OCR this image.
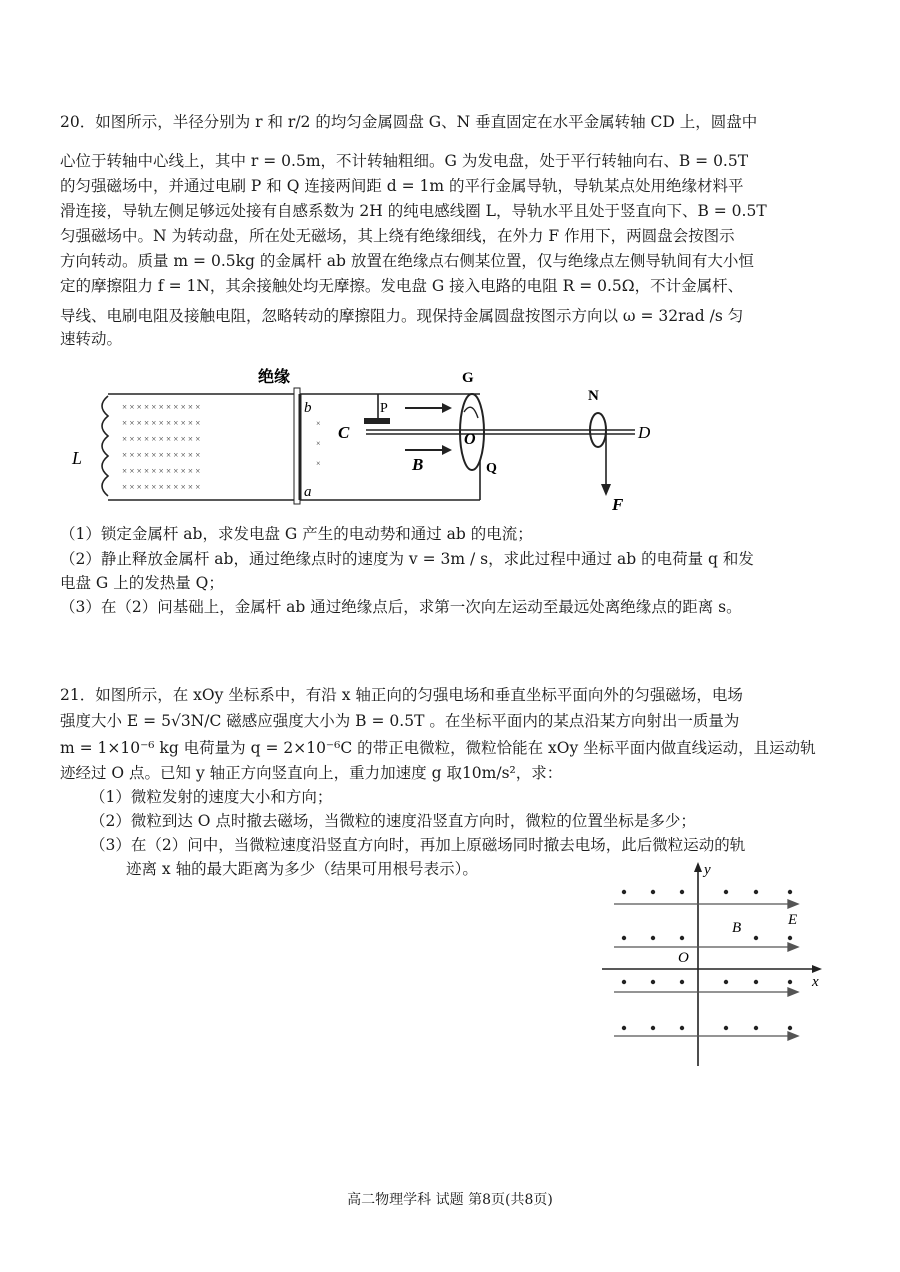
20．如图所示，半径分别为 r 和 r/2 的均匀金属圆盘 G、N 垂直固定在水平金属转轴 CD 上，圆盘中
心位于转轴中心线上，其中 r = 0.5m，不计转轴粗细。G 为发电盘，处于平行转轴向右、B = 0.5T
的匀强磁场中，并通过电刷 P 和 Q 连接两间距 d = 1m 的平行金属导轨，导轨某点处用绝缘材料平
滑连接，导轨左侧足够远处接有自感系数为 2H 的纯电感线圈 L，导轨水平且处于竖直向下、B = 0.5T
匀强磁场中。N 为转动盘，所在处无磁场，其上绕有绝缘细线，在外力 F 作用下，两圆盘会按图示
方向转动。质量 m = 0.5kg 的金属杆 ab 放置在绝缘点右侧某位置，仅与绝缘点左侧导轨间有大小恒
定的摩擦阻力 f = 1N，其余接触处均无摩擦。发电盘 G 接入电路的电阻 R = 0.5Ω，不计金属杆、
导线、电刷电阻及接触电阻，忽略转动的摩擦阻力。现保持金属圆盘按图示方向以 ω = 32rad /s 匀
速转动。
L
× × × × × × × × × × ×
× × × × × × × × × × ×
× × × × × × × × × × ×
× × × × × × × × × × ×
× × × × × × × × × × ×
× × × × × × × × × × ×
绝缘
b
a
×
×
×
P
C	D
B
G
O
Q
N
F
（1）锁定金属杆 ab，求发电盘 G 产生的电动势和通过 ab 的电流；
（2）静止释放金属杆 ab，通过绝缘点时的速度为 v = 3m / s，求此过程中通过 ab 的电荷量 q 和发
电盘 G 上的发热量 Q；
（3）在（2）问基础上，金属杆 ab 通过绝缘点后，求第一次向左运动至最远处离绝缘点的距离 s。
21．如图所示，在 xOy 坐标系中，有沿 x 轴正向的匀强电场和垂直坐标平面向外的匀强磁场，电场
强度大小 E = 5√3N/C 磁感应强度大小为 B = 0.5T 。在坐标平面内的某点沿某方向射出一质量为
m = 1×10⁻⁶ kg 电荷量为 q = 2×10⁻⁶C 的带正电微粒，微粒恰能在 xOy 坐标平面内做直线运动，且运动轨
迹经过 O 点。已知 y 轴正方向竖直向上，重力加速度 g 取10m/s²，求：
（1）微粒发射的速度大小和方向；
（2）微粒到达 O 点时撤去磁场，当微粒的速度沿竖直方向时，微粒的位置坐标是多少；
（3）在（2）问中，当微粒速度沿竖直方向时，再加上原磁场同时撤去电场，此后微粒运动的轨
迹离 x 轴的最大距离为多少（结果可用根号表示）。	y
x
O
E
B
高二物理学科 试题 第8页(共8页)
